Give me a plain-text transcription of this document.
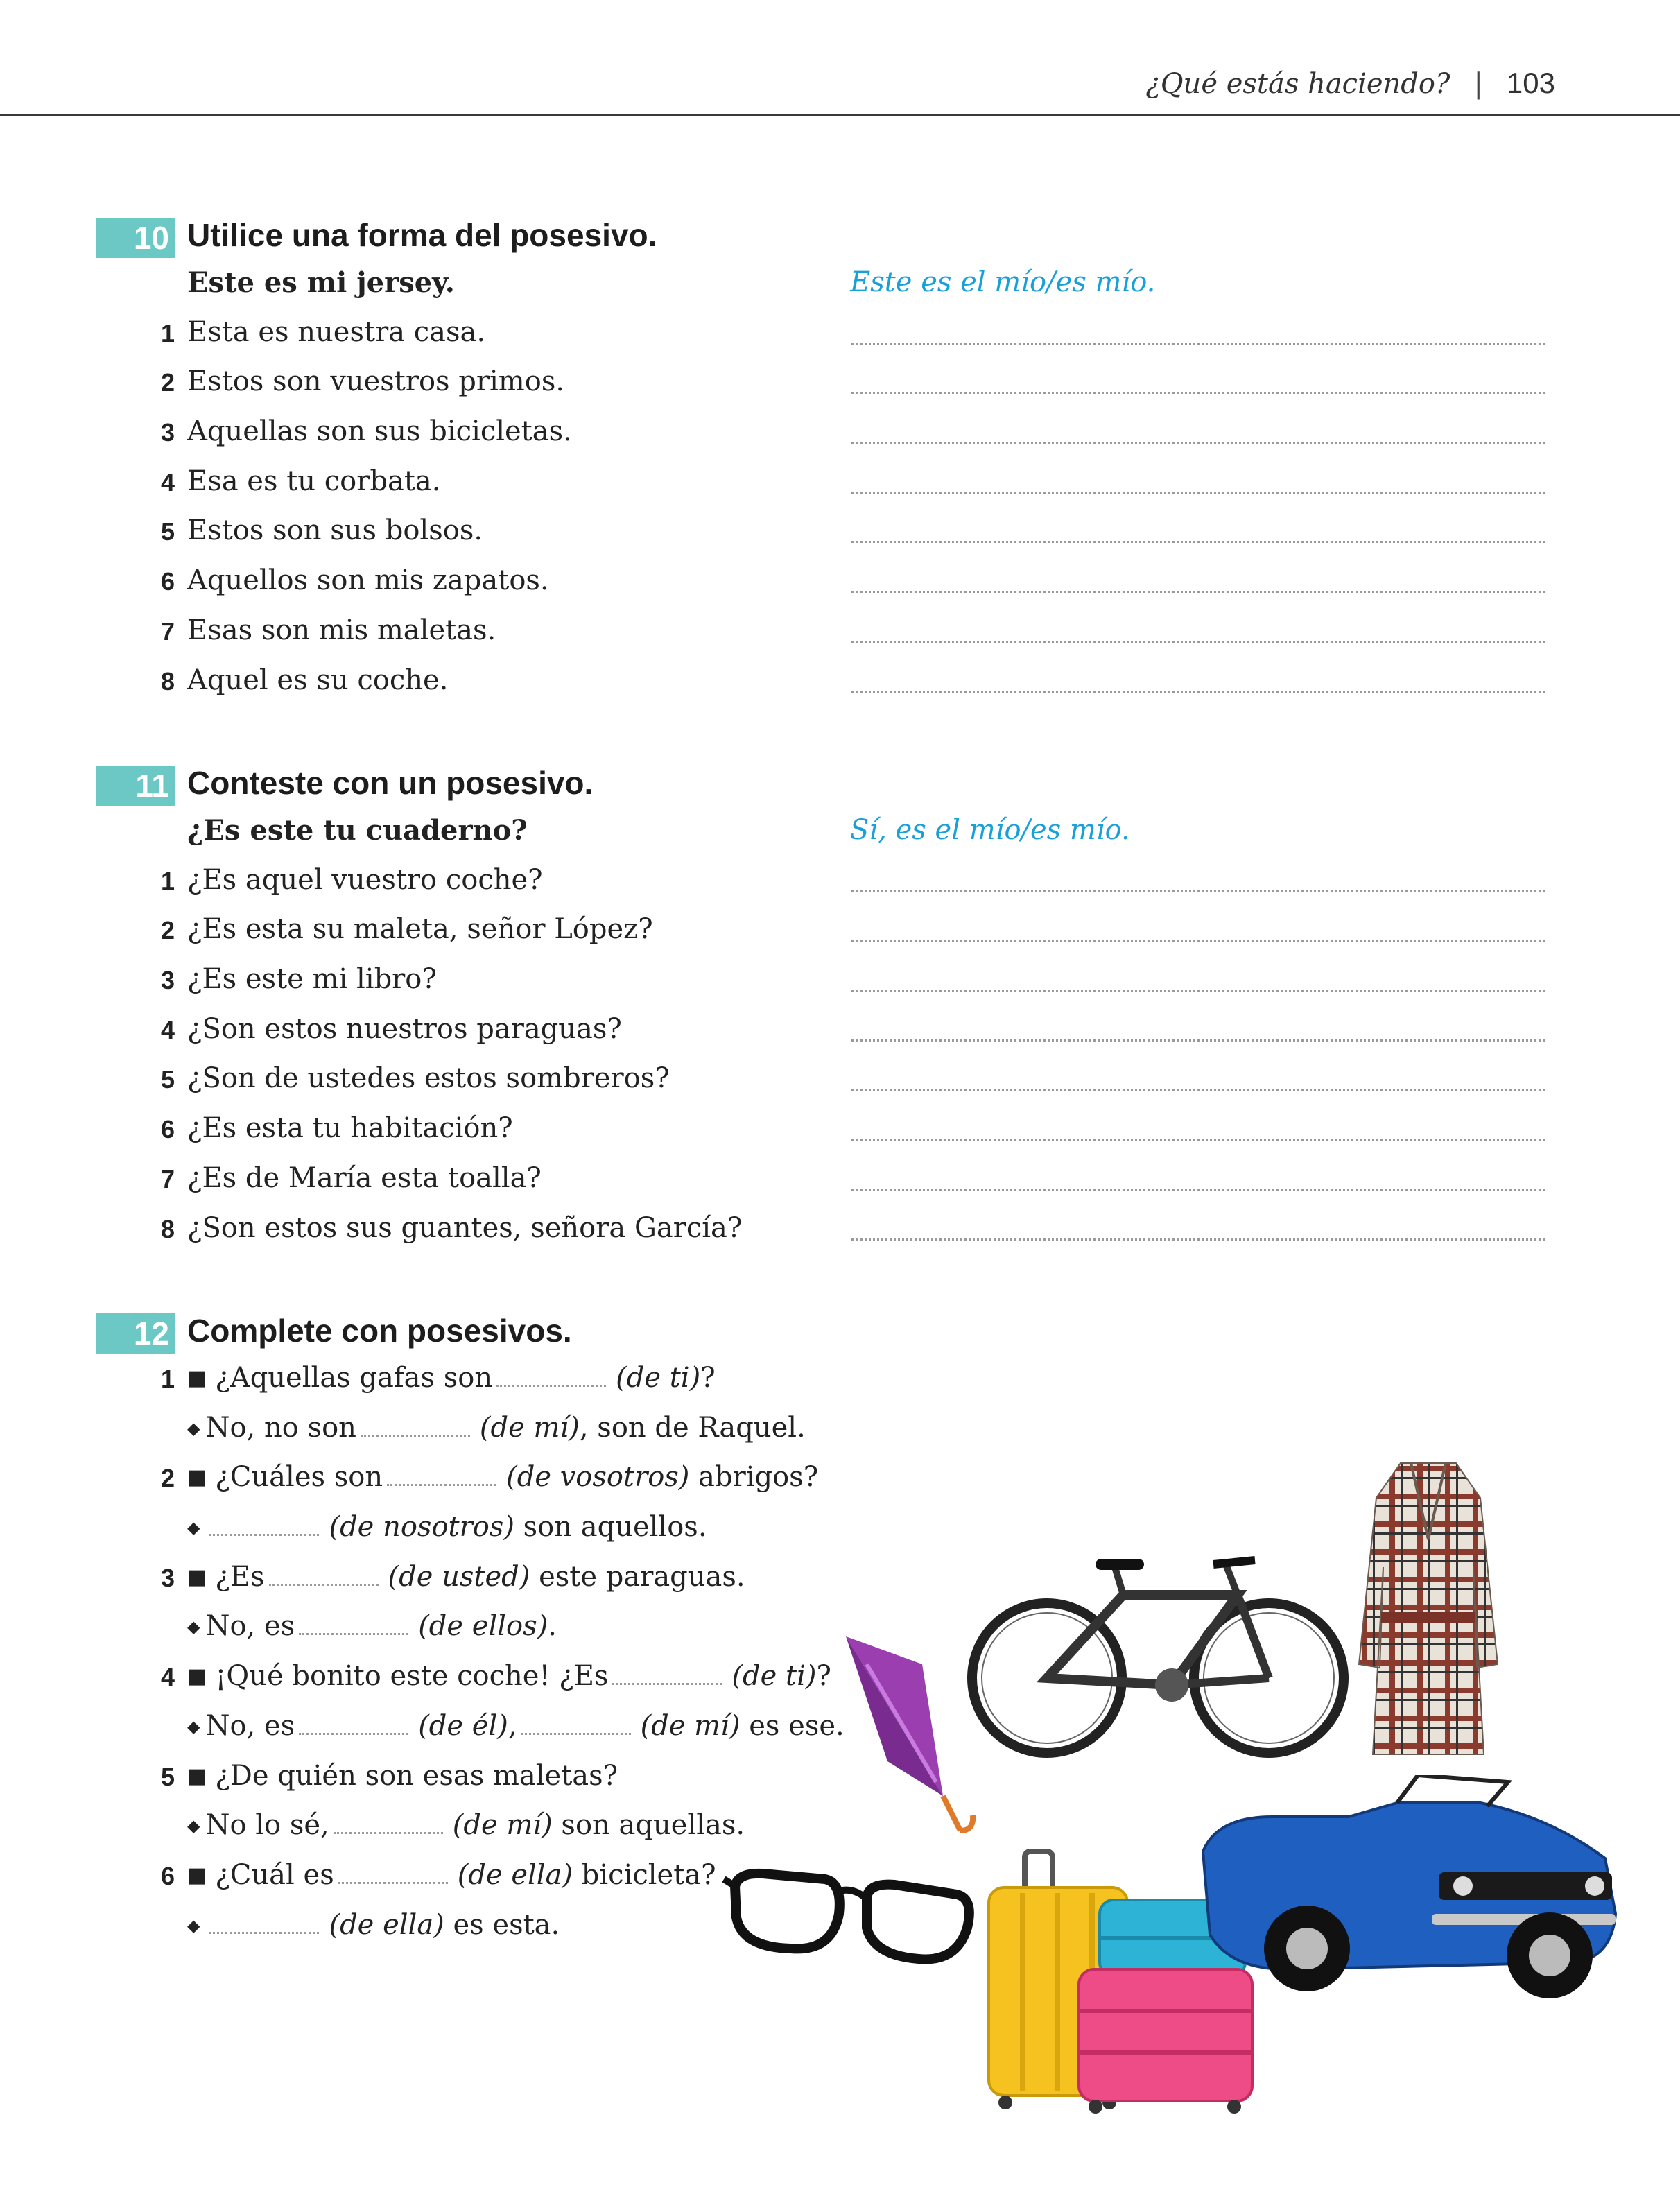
¿Qué estás haciendo? | 103
10 Utilice una forma del posesivo.
Este es mi jersey.	Este es el mío/es mío.
1 Esta es nuestra casa.
2 Estos son vuestros primos.
3 Aquellas son sus bicicletas.
4 Esa es tu corbata.
5 Estos son sus bolsos.
6 Aquellos son mis zapatos.
7 Esas son mis maletas.
8 Aquel es su coche.
11 Conteste con un posesivo.
¿Es este tu cuaderno?	Sí, es el mío/es mío.
1 ¿Es aquel vuestro coche?
2 ¿Es esta su maleta, señor López?
3 ¿Es este mi libro?
4 ¿Son estos nuestros paraguas?
5 ¿Son de ustedes estos sombreros?
6 ¿Es esta tu habitación?
7 ¿Es de María esta toalla?
8 ¿Son estos sus guantes, señora García?
12 Complete con posesivos.
1 ■ ¿Aquellas gafas son	(de ti)?
◆ No, no son	(de mí), son de Raquel.
2 ■ ¿Cuáles son	(de vosotros) abrigos?
◆	(de nosotros) son aquellos.
3 ■ ¿Es	(de usted) este paraguas.
◆ No, es	(de ellos).
4 ■ ¡Qué bonito este coche! ¿Es	(de ti)?
◆ No, es	(de él),	(de mí) es ese.
5 ■ ¿De quién son esas maletas?
◆ No lo sé,	(de mí) son aquellas.
6 ■ ¿Cuál es	(de ella) bicicleta?
◆	(de ella) es esta.
